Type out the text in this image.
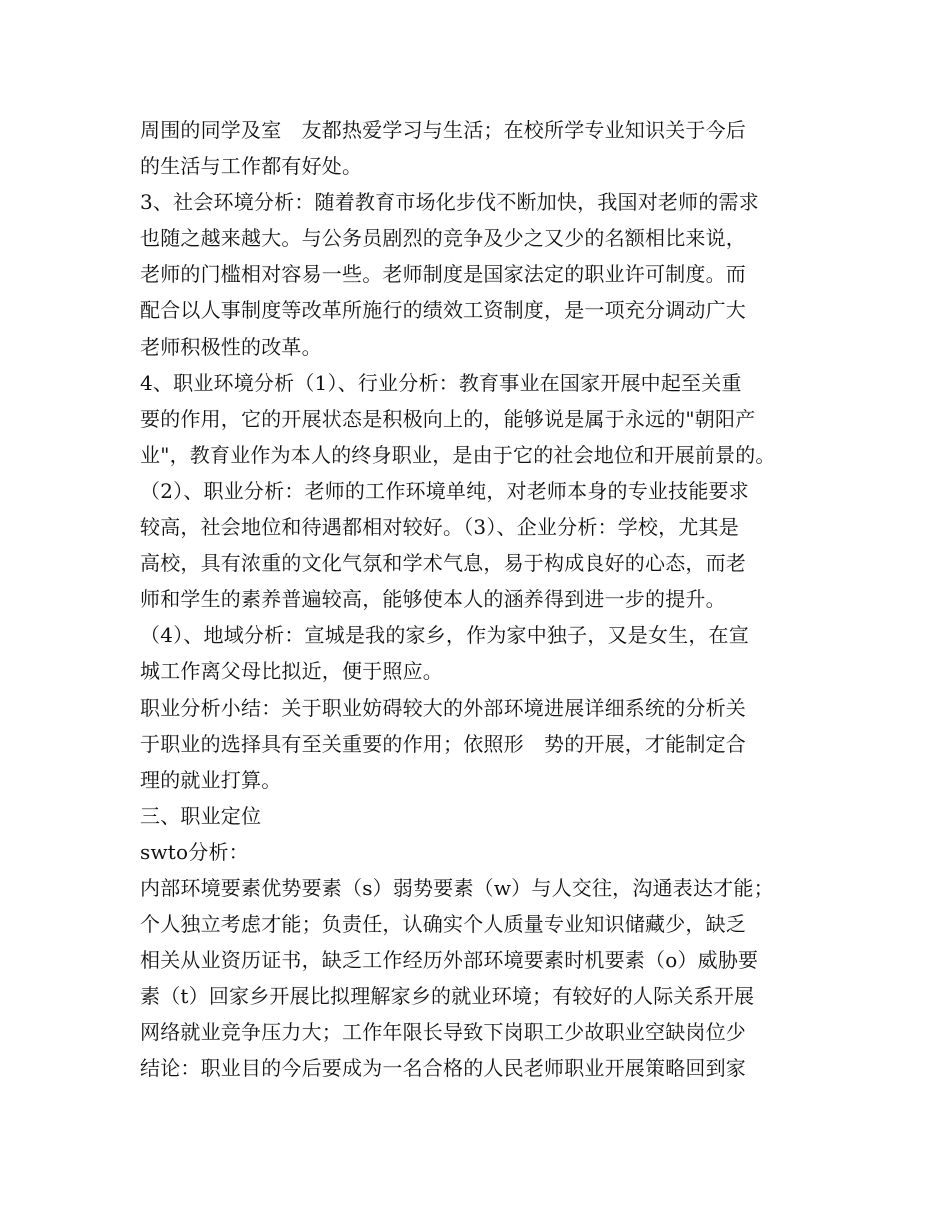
周围的同学及室　友都热爱学习与生活；在校所学专业知识关于今后
的生活与工作都有好处。
3、社会环境分析：随着教育市场化步伐不断加快，我国对老师的需求
也随之越来越大。与公务员剧烈的竞争及少之又少的名额相比来说，
老师的门槛相对容易一些。老师制度是国家法定的职业许可制度。而
配合以人事制度等改革所施行的绩效工资制度，是一项充分调动广大
老师积极性的改革。
4、职业环境分析（1）、行业分析：教育事业在国家开展中起至关重
要的作用，它的开展状态是积极向上的，能够说是属于永远的"朝阳产
业"，教育业作为本人的终身职业，是由于它的社会地位和开展前景的。
（2）、职业分析：老师的工作环境单纯，对老师本身的专业技能要求
较高，社会地位和待遇都相对较好。（3）、企业分析：学校，尤其是
高校，具有浓重的文化气氛和学术气息，易于构成良好的心态，而老
师和学生的素养普遍较高，能够使本人的涵养得到进一步的提升。
（4）、地域分析：宣城是我的家乡，作为家中独子，又是女生，在宣
城工作离父母比拟近，便于照应。
职业分析小结：关于职业妨碍较大的外部环境进展详细系统的分析关
于职业的选择具有至关重要的作用；依照形　势的开展，才能制定合
理的就业打算。
三、职业定位
swto分析：
内部环境要素优势要素（s）弱势要素（w）与人交往，沟通表达才能；
个人独立考虑才能；负责任，认确实个人质量专业知识储藏少，缺乏
相关从业资历证书，缺乏工作经历外部环境要素时机要素（o）威胁要
素（t）回家乡开展比拟理解家乡的就业环境；有较好的人际关系开展
网络就业竞争压力大；工作年限长导致下岗职工少故职业空缺岗位少
结论：职业目的今后要成为一名合格的人民老师职业开展策略回到家
